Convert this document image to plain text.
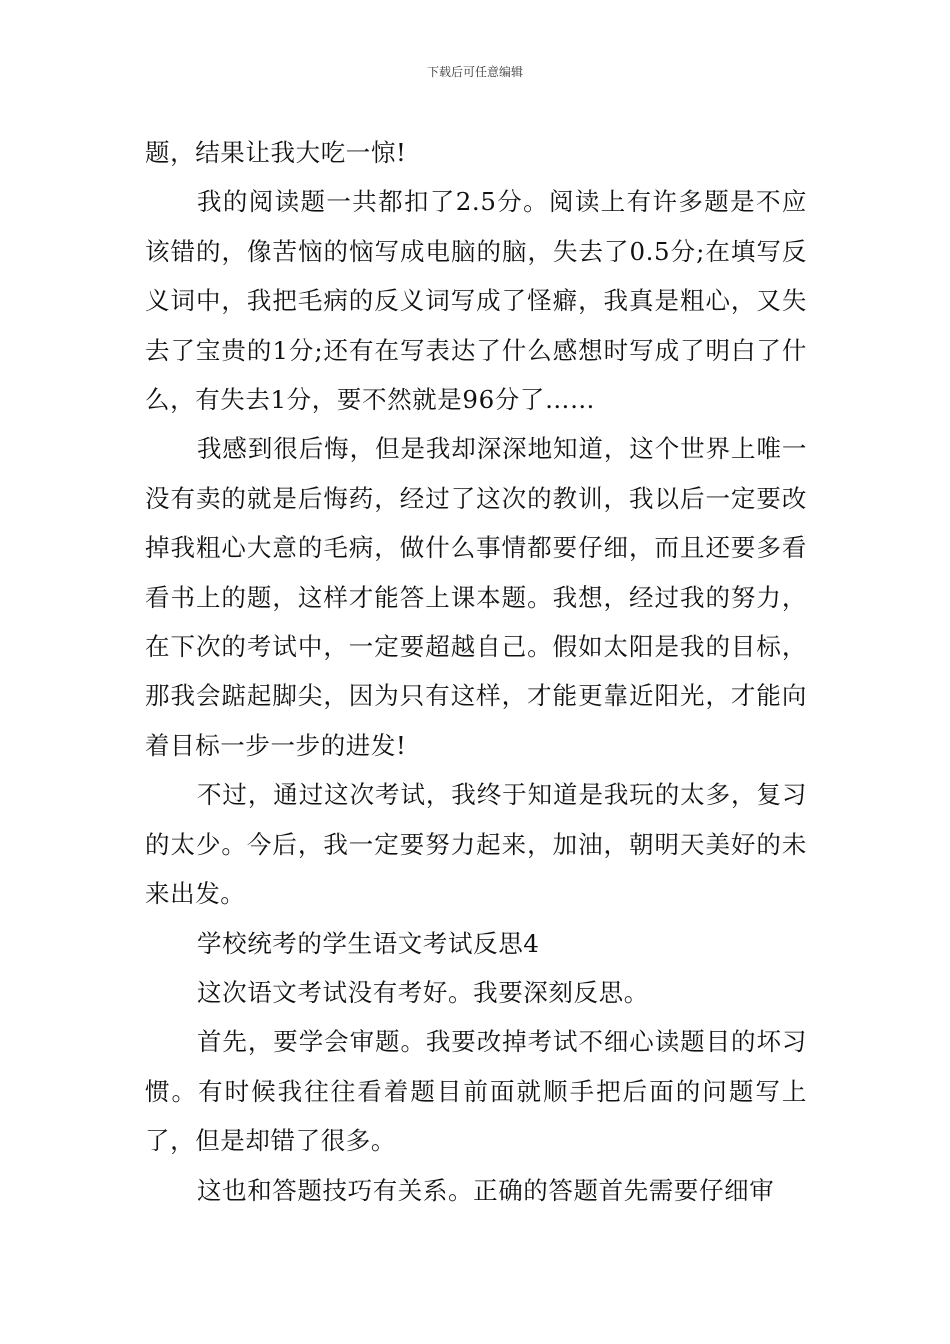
下载后可任意编辑

题，结果让我大吃一惊!

我的阅读题一共都扣了2.5分。阅读上有许多题是不应该错的，像苦恼的恼写成电脑的脑，失去了0.5分;在填写反义词中，我把毛病的反义词写成了怪癖，我真是粗心，又失去了宝贵的1分;还有在写表达了什么感想时写成了明白了什么，有失去1分，要不然就是96分了……

我感到很后悔，但是我却深深地知道，这个世界上唯一没有卖的就是后悔药，经过了这次的教训，我以后一定要改掉我粗心大意的毛病，做什么事情都要仔细，而且还要多看看书上的题，这样才能答上课本题。我想，经过我的努力，在下次的考试中，一定要超越自己。假如太阳是我的目标，那我会踮起脚尖，因为只有这样，才能更靠近阳光，才能向着目标一步一步的进发!

不过，通过这次考试，我终于知道是我玩的太多，复习的太少。今后，我一定要努力起来，加油，朝明天美好的未来出发。

学校统考的学生语文考试反思4

这次语文考试没有考好。我要深刻反思。

首先，要学会审题。我要改掉考试不细心读题目的坏习惯。有时候我往往看着题目前面就顺手把后面的问题写上了，但是却错了很多。

这也和答题技巧有关系。正确的答题首先需要仔细审
